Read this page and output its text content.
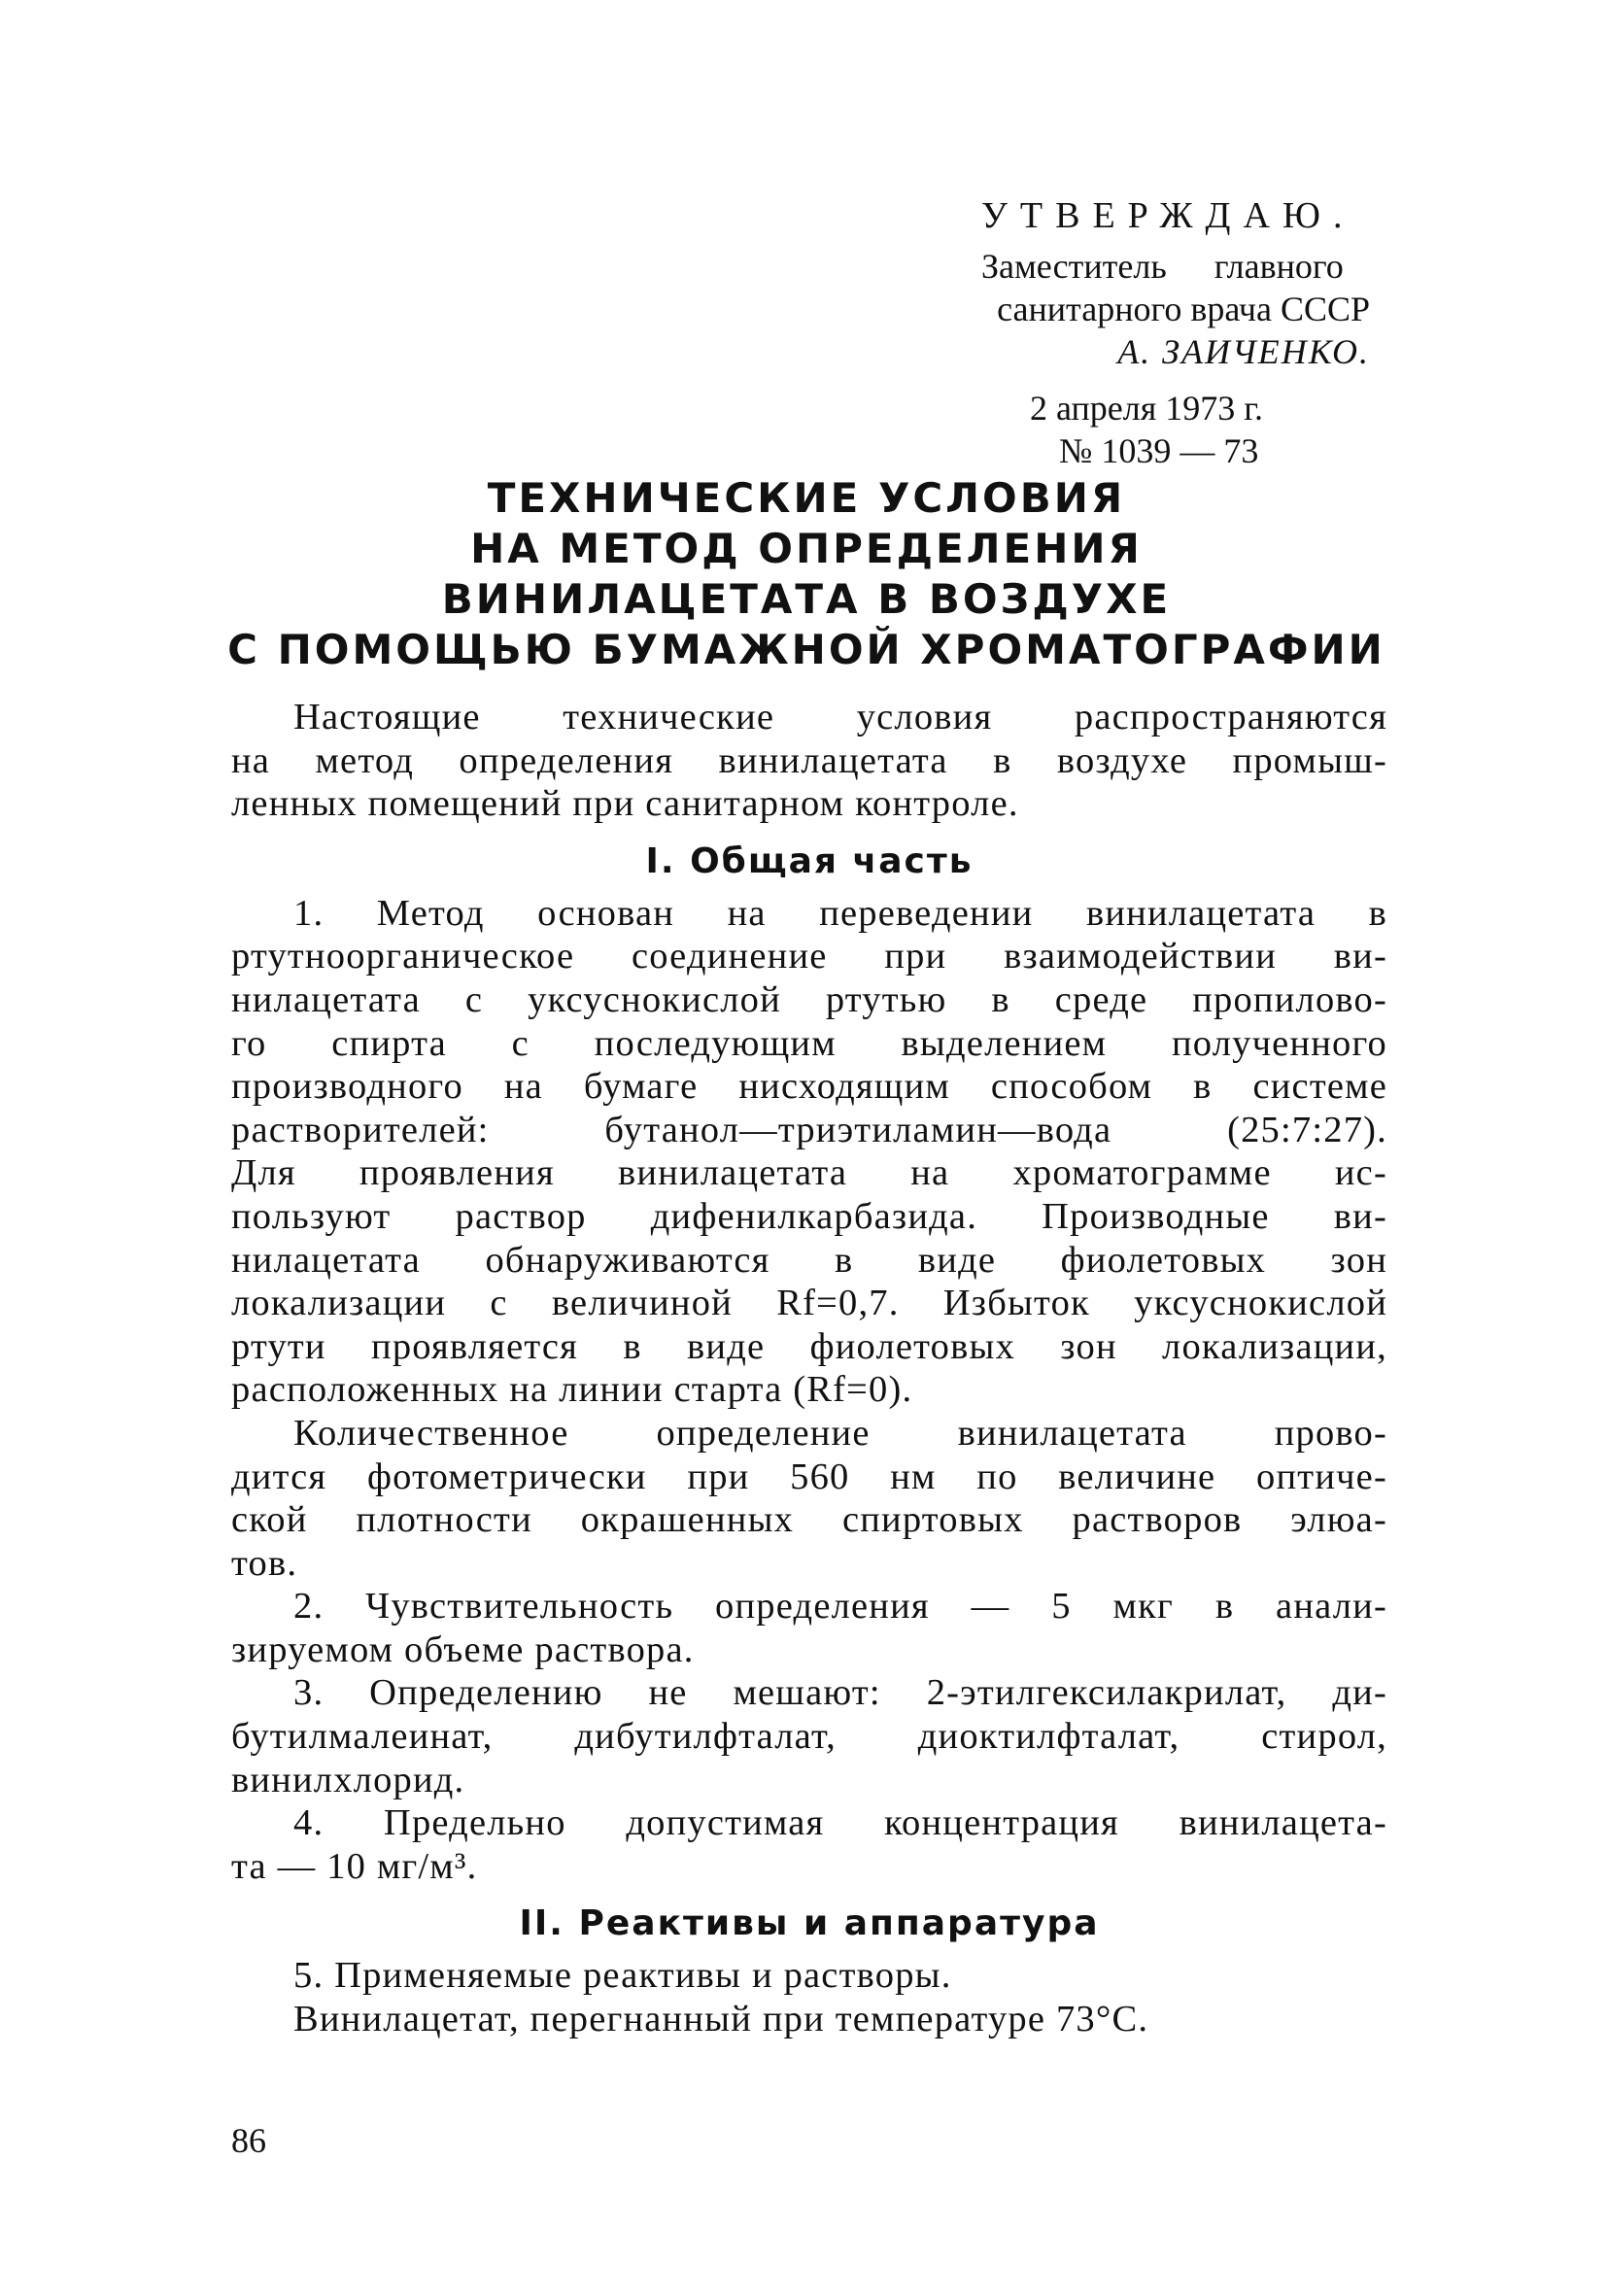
УТВЕРЖДАЮ.
Заместитель главного
санитарного врача СССР
А. ЗАИЧЕНКО.
2 апреля 1973 г.
№ 1039 — 73
ТЕХНИЧЕСКИЕ УСЛОВИЯ
НА МЕТОД ОПРЕДЕЛЕНИЯ
ВИНИЛАЦЕТАТА В ВОЗДУХЕ
С ПОМОЩЬЮ БУМАЖНОЙ ХРОМАТОГРАФИИ

Настоящие технические условия распространяются
на метод определения винилацетата в воздухе промыш-
ленных помещений при санитарном контроле.

I. Общая часть

1. Метод основан на переведении винилацетата в
ртутноорганическое соединение при взаимодействии ви-
нилацетата с уксуснокислой ртутью в среде пропилово-
го спирта с последующим выделением полученного
производного на бумаге нисходящим способом в системе
растворителей: бутанол—триэтиламин—вода (25:7:27).
Для проявления винилацетата на хроматограмме ис-
пользуют раствор дифенилкарбазида. Производные ви-
нилацетата обнаруживаются в виде фиолетовых зон
локализации с величиной Rf=0,7. Избыток уксуснокислой
ртути проявляется в виде фиолетовых зон локализации,
расположенных на линии старта (Rf=0).

Количественное определение винилацетата прово-
дится фотометрически при 560 нм по величине оптиче-
ской плотности окрашенных спиртовых растворов элюа-
тов.

2. Чувствительность определения — 5 мкг в анали-
зируемом объеме раствора.

3. Определению не мешают: 2-этилгексилакрилат, ди-
бутилмалеинат, дибутилфталат, диоктилфталат, стирол,
винилхлорид.

4. Предельно допустимая концентрация винилацета-
та — 10 мг/м³.

II. Реактивы и аппаратура

5. Применяемые реактивы и растворы.

Винилацетат, перегнанный при температуре 73°С.

86
